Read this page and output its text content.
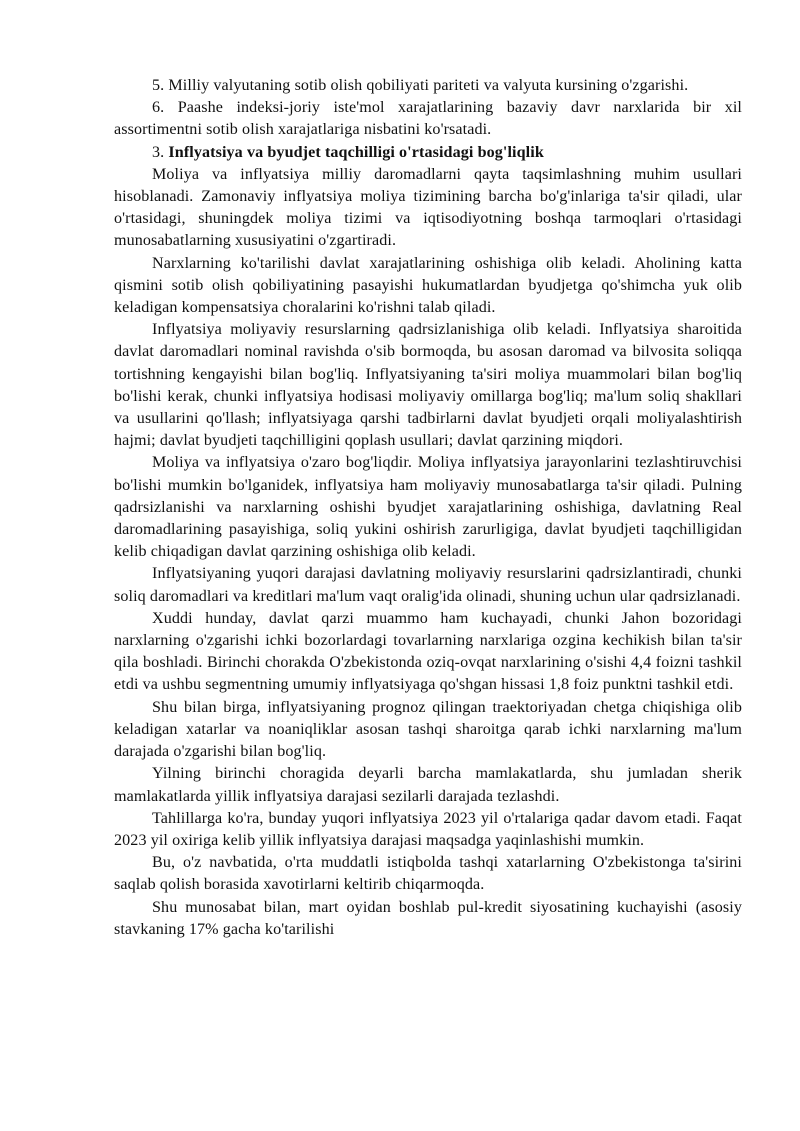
5. Milliy valyutaning sotib olish qobiliyati pariteti va valyuta kursining o'zgarishi.

6. Paashe indeksi-joriy iste'mol xarajatlarining bazaviy davr narxlarida bir xil assortimentni sotib olish xarajatlariga nisbatini ko'rsatadi.

3. Inflyatsiya va byudjet taqchilligi o'rtasidagi bog'liqlik

Moliya va inflyatsiya milliy daromadlarni qayta taqsimlashning muhim usullari hisoblanadi. Zamonaviy inflyatsiya moliya tizimining barcha bo'g'inlariga ta'sir qiladi, ular o'rtasidagi, shuningdek moliya tizimi va iqtisodiyotning boshqa tarmoqlari o'rtasidagi munosabatlarning xususiyatini o'zgartiradi.

Narxlarning ko'tarilishi davlat xarajatlarining oshishiga olib keladi. Aholining katta qismini sotib olish qobiliyatining pasayishi hukumatlardan byudjetga qo'shimcha yuk olib keladigan kompensatsiya choralarini ko'rishni talab qiladi.

Inflyatsiya moliyaviy resurslarning qadrsizlanishiga olib keladi. Inflyatsiya sharoitida davlat daromadlari nominal ravishda o'sib bormoqda, bu asosan daromad va bilvosita soliqqa tortishning kengayishi bilan bog'liq. Inflyatsiyaning ta'siri moliya muammolari bilan bog'liq bo'lishi kerak, chunki inflyatsiya hodisasi moliyaviy omillarga bog'liq; ma'lum soliq shakllari va usullarini qo'llash; inflyatsiyaga qarshi tadbirlarni davlat byudjeti orqali moliyalashtirish hajmi; davlat byudjeti taqchilligini qoplash usullari; davlat qarzining miqdori.

Moliya va inflyatsiya o'zaro bog'liqdir. Moliya inflyatsiya jarayonlarini tezlashtiruvchisi bo'lishi mumkin bo'lganidek, inflyatsiya ham moliyaviy munosabatlarga ta'sir qiladi. Pulning qadrsizlanishi va narxlarning oshishi byudjet xarajatlarining oshishiga, davlatning Real daromadlarining pasayishiga, soliq yukini oshirish zarurligiga, davlat byudjeti taqchilligidan kelib chiqadigan davlat qarzining oshishiga olib keladi.

Inflyatsiyaning yuqori darajasi davlatning moliyaviy resurslarini qadrsizlantiradi, chunki soliq daromadlari va kreditlari ma'lum vaqt oralig'ida olinadi, shuning uchun ular qadrsizlanadi.

Xuddi hunday, davlat qarzi muammo ham kuchayadi, chunki Jahon bozoridagi narxlarning o'zgarishi ichki bozorlardagi tovarlarning narxlariga ozgina kechikish bilan ta'sir qila boshladi. Birinchi chorakda O'zbekistonda oziq-ovqat narxlarining o'sishi 4,4 foizni tashkil etdi va ushbu segmentning umumiy inflyatsiyaga qo'shgan hissasi 1,8 foiz punktni tashkil etdi.

Shu bilan birga, inflyatsiyaning prognoz qilingan traektoriyadan chetga chiqishiga olib keladigan xatarlar va noaniqliklar asosan tashqi sharoitga qarab ichki narxlarning ma'lum darajada o'zgarishi bilan bog'liq.

Yilning birinchi choragida deyarli barcha mamlakatlarda, shu jumladan sherik mamlakatlarda yillik inflyatsiya darajasi sezilarli darajada tezlashdi.

Tahlillarga ko'ra, bunday yuqori inflyatsiya 2023 yil o'rtalariga qadar davom etadi. Faqat 2023 yil oxiriga kelib yillik inflyatsiya darajasi maqsadga yaqinlashishi mumkin.

Bu, o'z navbatida, o'rta muddatli istiqbolda tashqi xatarlarning O'zbekistonga ta'sirini saqlab qolish borasida xavotirlarni keltirib chiqarmoqda.

Shu munosabat bilan, mart oyidan boshlab pul-kredit siyosatining kuchayishi (asosiy stavkaning 17% gacha ko'tarilishi
